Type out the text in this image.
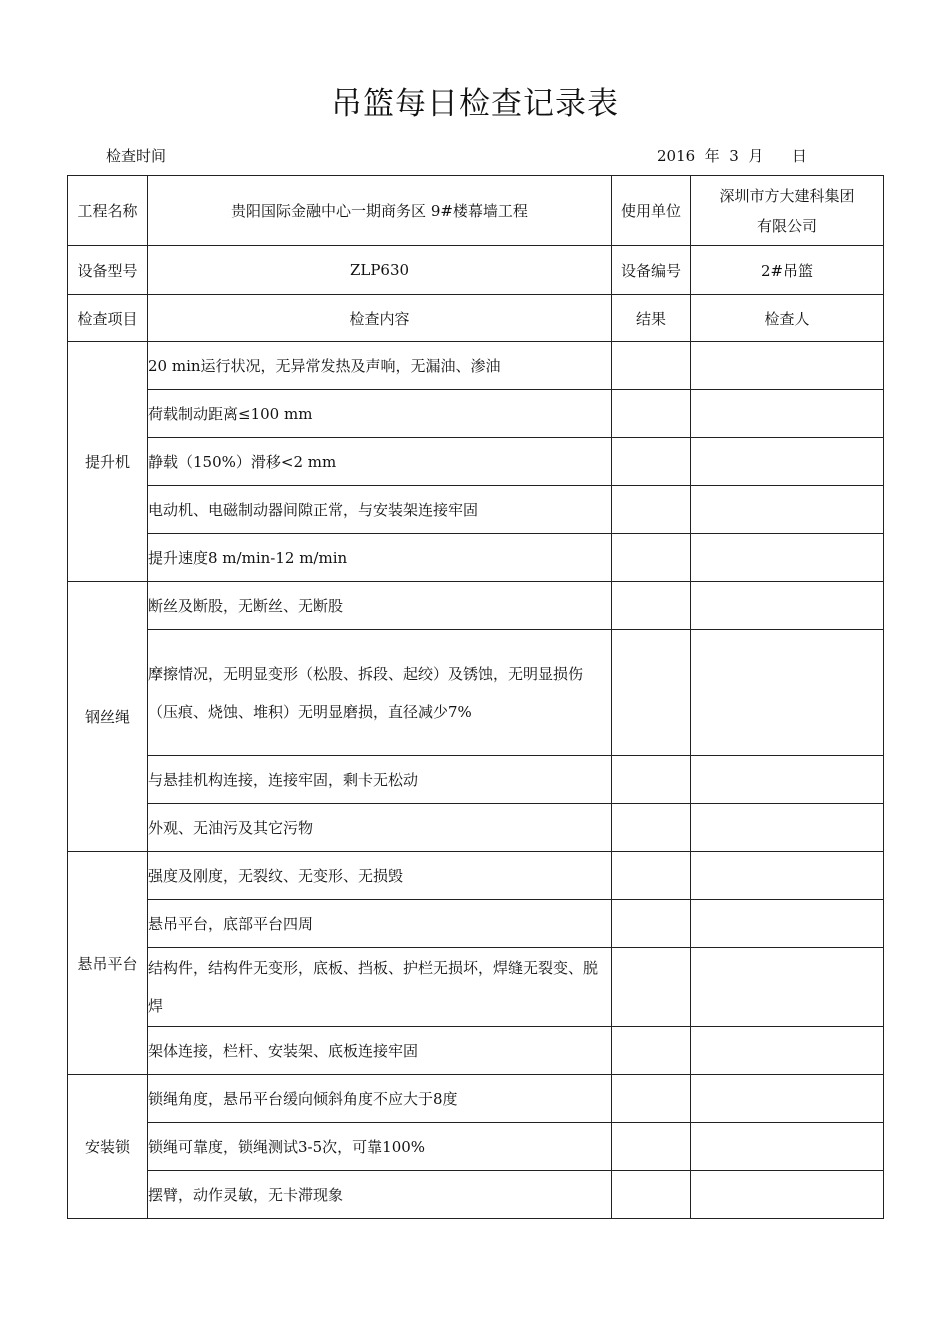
吊篮每日检查记录表
检查时间	2016  年  3  月      日
工程名称	贵阳国际金融中心一期商务区 9#楼幕墙工程	使用单位	深圳市方大建科集团
有限公司

设备型号	ZLP630	设备编号	2#吊篮
检查项目	检查内容	结果	检查人
提升机	20 min运行状况，无异常发热及声响，无漏油、渗油		
	荷载制动距离≤100 mm		
	静载（150%）滑移<2 mm		
	电动机、电磁制动器间隙正常，与安装架连接牢固		
	提升速度8 m/min-12 m/min		
钢丝绳	断丝及断股，无断丝、无断股		
	摩擦情况，无明显变形（松股、拆段、起绞）及锈蚀，无明显损伤（压痕、烧蚀、堆积）无明显磨损，直径减少7%		
	与悬挂机构连接，连接牢固，剩卡无松动		
	外观、无油污及其它污物		
悬吊平台	强度及刚度，无裂纹、无变形、无损毁		
	悬吊平台，底部平台四周		
	结构件，结构件无变形，底板、挡板、护栏无损坏，焊缝无裂变、脱焊		
	架体连接，栏杆、安装架、底板连接牢固		
安装锁	锁绳角度，悬吊平台缓向倾斜角度不应大于8度		
	锁绳可靠度，锁绳测试3-5次，可靠100%		
	摆臂，动作灵敏，无卡滞现象		
